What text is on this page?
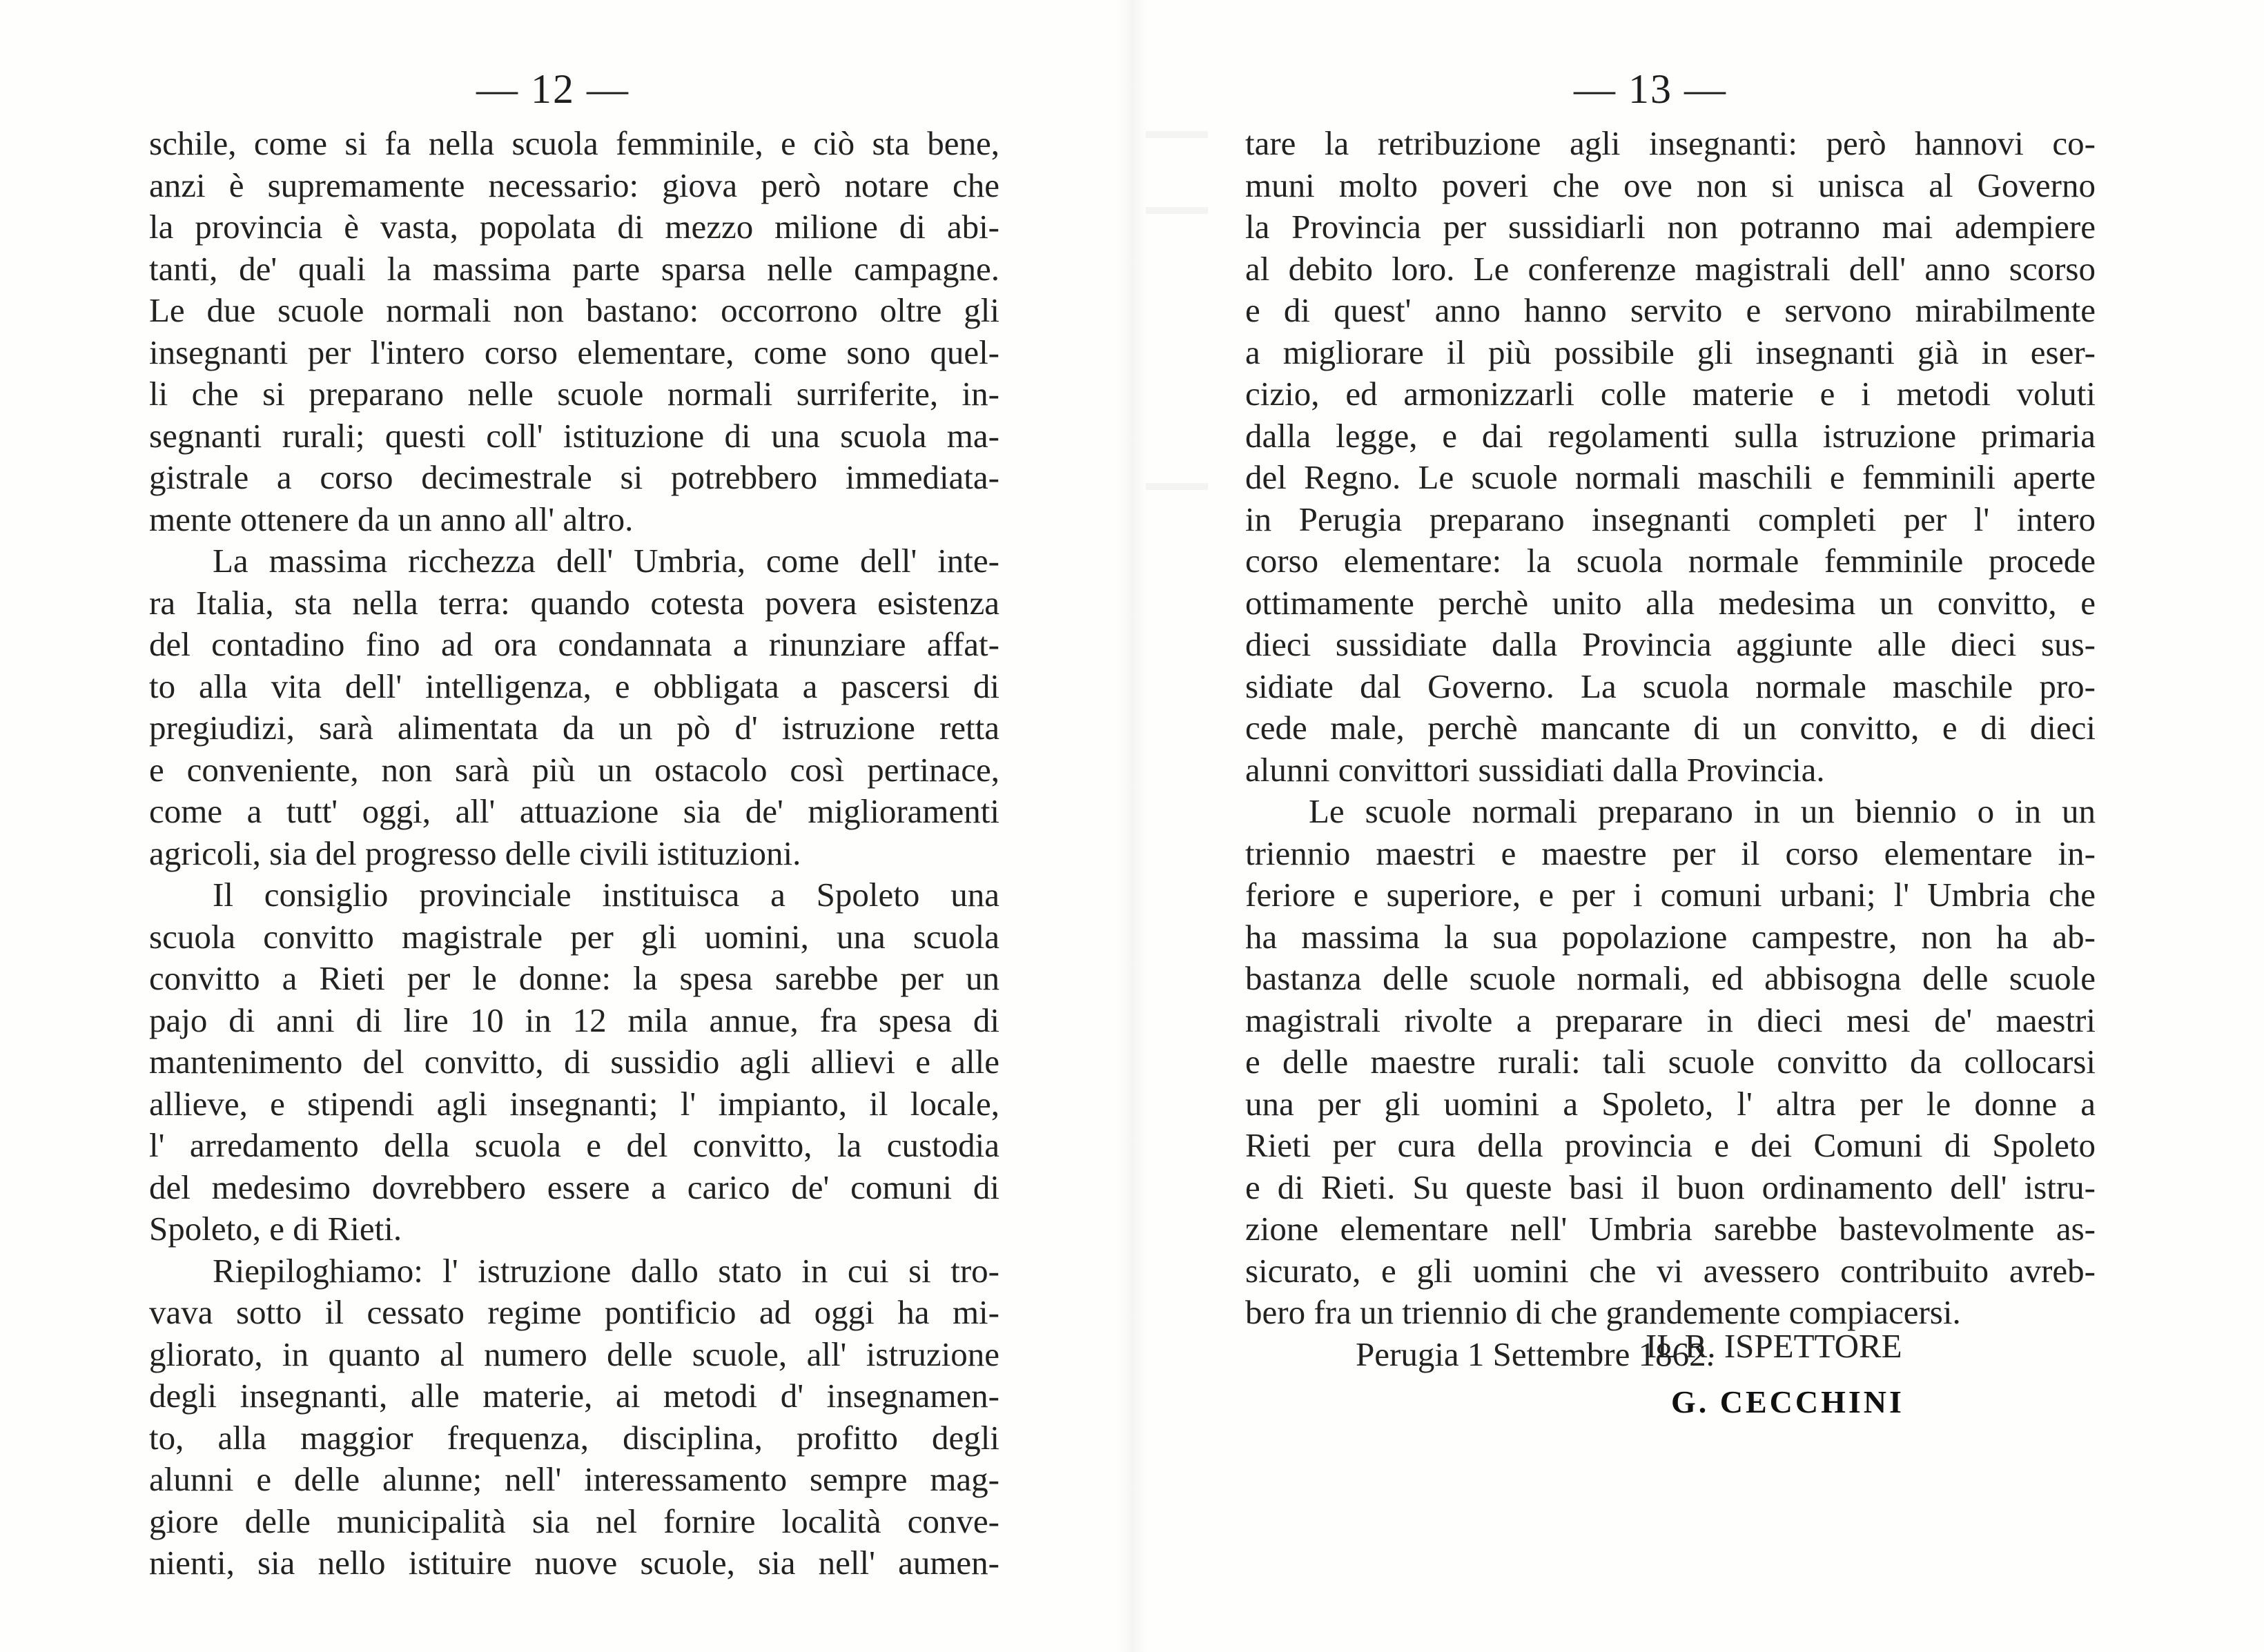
— 12 —
schile, come si fa nella scuola femminile, e ciò sta bene,
anzi è supremamente necessario: giova però notare che
la provincia è vasta, popolata di mezzo milione di abi-
tanti, de' quali la massima parte sparsa nelle campagne.
Le due scuole normali non bastano: occorrono oltre gli
insegnanti per l'intero corso elementare, come sono quel-
li che si preparano nelle scuole normali surriferite, in-
segnanti rurali; questi coll' istituzione di una scuola ma-
gistrale a corso decimestrale si potrebbero immediata-
mente ottenere da un anno all' altro.
La massima ricchezza dell' Umbria, come dell' inte-
ra Italia, sta nella terra: quando cotesta povera esistenza
del contadino fino ad ora condannata a rinunziare affat-
to alla vita dell' intelligenza, e obbligata a pascersi di
pregiudizi, sarà alimentata da un pò d' istruzione retta
e conveniente, non sarà più un ostacolo così pertinace,
come a tutt' oggi, all' attuazione sia de' miglioramenti
agricoli, sia del progresso delle civili istituzioni.
Il consiglio provinciale instituisca a Spoleto una
scuola convitto magistrale per gli uomini, una scuola
convitto a Rieti per le donne: la spesa sarebbe per un
pajo di anni di lire 10 in 12 mila annue, fra spesa di
mantenimento del convitto, di sussidio agli allievi e alle
allieve, e stipendi agli insegnanti; l' impianto, il locale,
l' arredamento della scuola e del convitto, la custodia
del medesimo dovrebbero essere a carico de' comuni di
Spoleto, e di Rieti.
Riepiloghiamo: l' istruzione dallo stato in cui si tro-
vava sotto il cessato regime pontificio ad oggi ha mi-
gliorato, in quanto al numero delle scuole, all' istruzione
degli insegnanti, alle materie, ai metodi d' insegnamen-
to, alla maggior frequenza, disciplina, profitto degli
alunni e delle alunne; nell' interessamento sempre mag-
giore delle municipalità sia nel fornire località conve-
nienti, sia nello istituire nuove scuole, sia nell' aumen-
— 13 —
tare la retribuzione agli insegnanti: però hannovi co-
muni molto poveri che ove non si unisca al Governo
la Provincia per sussidiarli non potranno mai adempiere
al debito loro. Le conferenze magistrali dell' anno scorso
e di quest' anno hanno servito e servono mirabilmente
a migliorare il più possibile gli insegnanti già in eser-
cizio, ed armonizzarli colle materie e i metodi voluti
dalla legge, e dai regolamenti sulla istruzione primaria
del Regno. Le scuole normali maschili e femminili aperte
in Perugia preparano insegnanti completi per l' intero
corso elementare: la scuola normale femminile procede
ottimamente perchè unito alla medesima un convitto, e
dieci sussidiate dalla Provincia aggiunte alle dieci sus-
sidiate dal Governo. La scuola normale maschile pro-
cede male, perchè mancante di un convitto, e di dieci
alunni convittori sussidiati dalla Provincia.
Le scuole normali preparano in un biennio o in un
triennio maestri e maestre per il corso elementare in-
feriore e superiore, e per i comuni urbani; l' Umbria che
ha massima la sua popolazione campestre, non ha ab-
bastanza delle scuole normali, ed abbisogna delle scuole
magistrali rivolte a preparare in dieci mesi de' maestri
e delle maestre rurali: tali scuole convitto da collocarsi
una per gli uomini a Spoleto, l' altra per le donne a
Rieti per cura della provincia e dei Comuni di Spoleto
e di Rieti. Su queste basi il buon ordinamento dell' istru-
zione elementare nell' Umbria sarebbe bastevolmente as-
sicurato, e gli uomini che vi avessero contribuito avreb-
bero fra un triennio di che grandemente compiacersi.
Perugia 1 Settembre 1862.
IL R. ISPETTORE
G. CECCHINI
